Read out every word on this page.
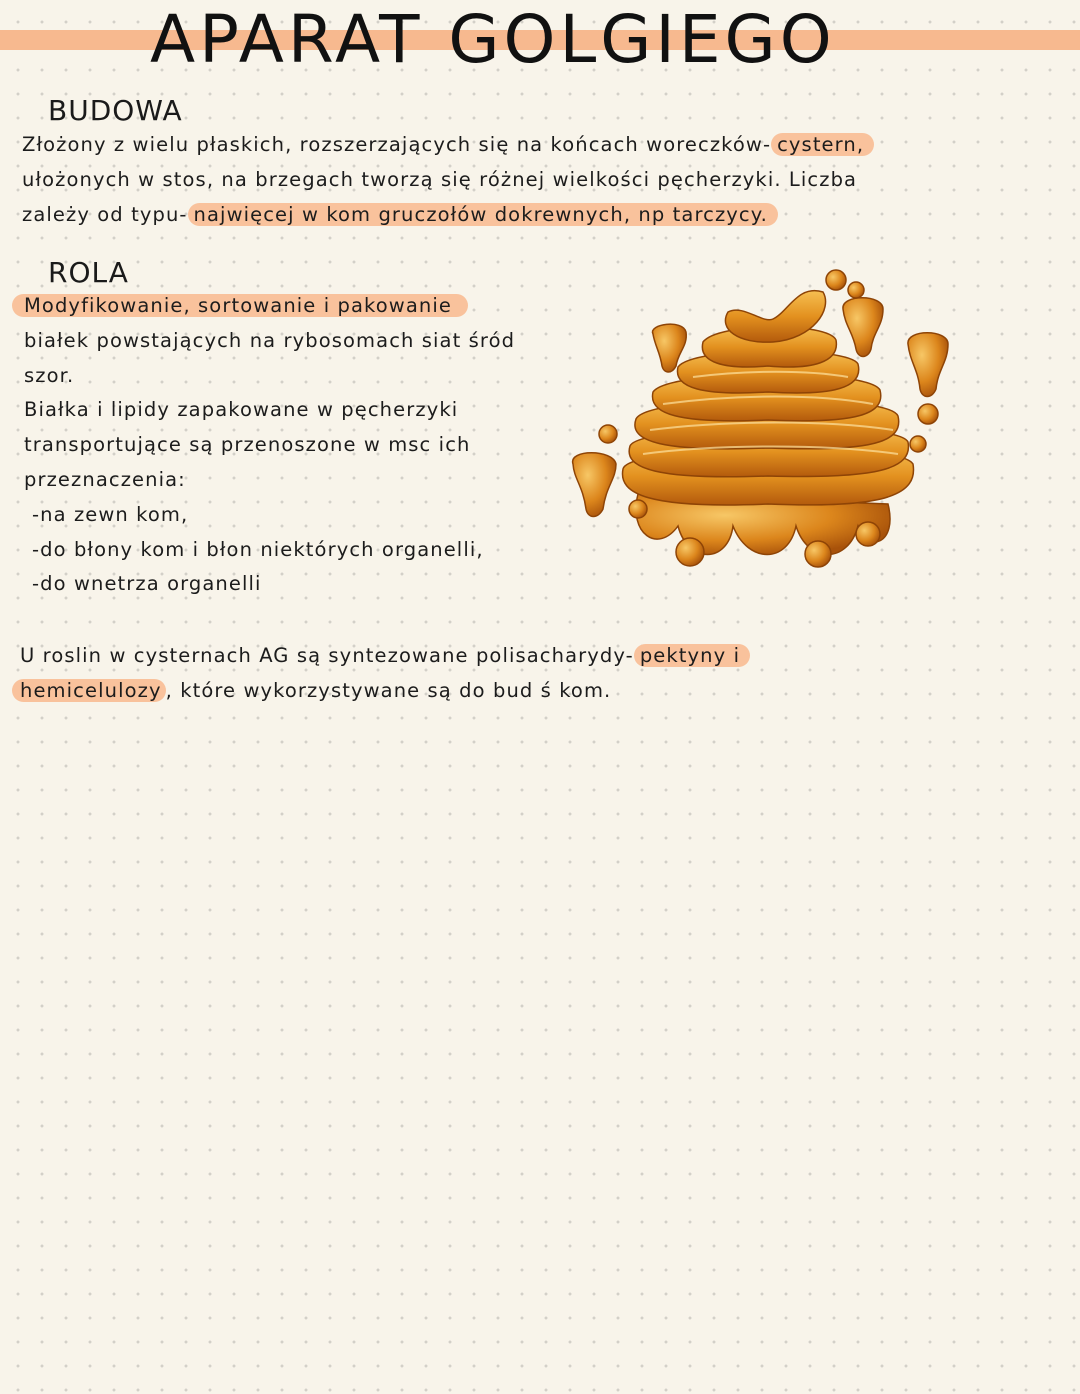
APARAT GOLGIEGO
BUDOWA

Złożony z wielu płaskich, rozszerzających się na końcach woreczków- cystern,

ułożonych w stos, na brzegach tworzą się różnej wielkości pęcherzyki. Liczba

zależy od typu- najwięcej w kom gruczołów dokrewnych, np tarczycy.

ROLA

Modyfikowanie, sortowanie i pakowanie

białek powstających na rybosomach siat śród

szor.

Białka i lipidy zapakowane w pęcherzyki

transportujące są przenoszone w msc ich

przeznaczenia:

-na zewn kom,

-do błony kom i błon niektórych organelli,

-do wnetrza organelli

U roslin w cysternach AG są syntezowane polisacharydy- pektyny i

hemicelulozy , które wykorzystywane są do bud ś kom.
